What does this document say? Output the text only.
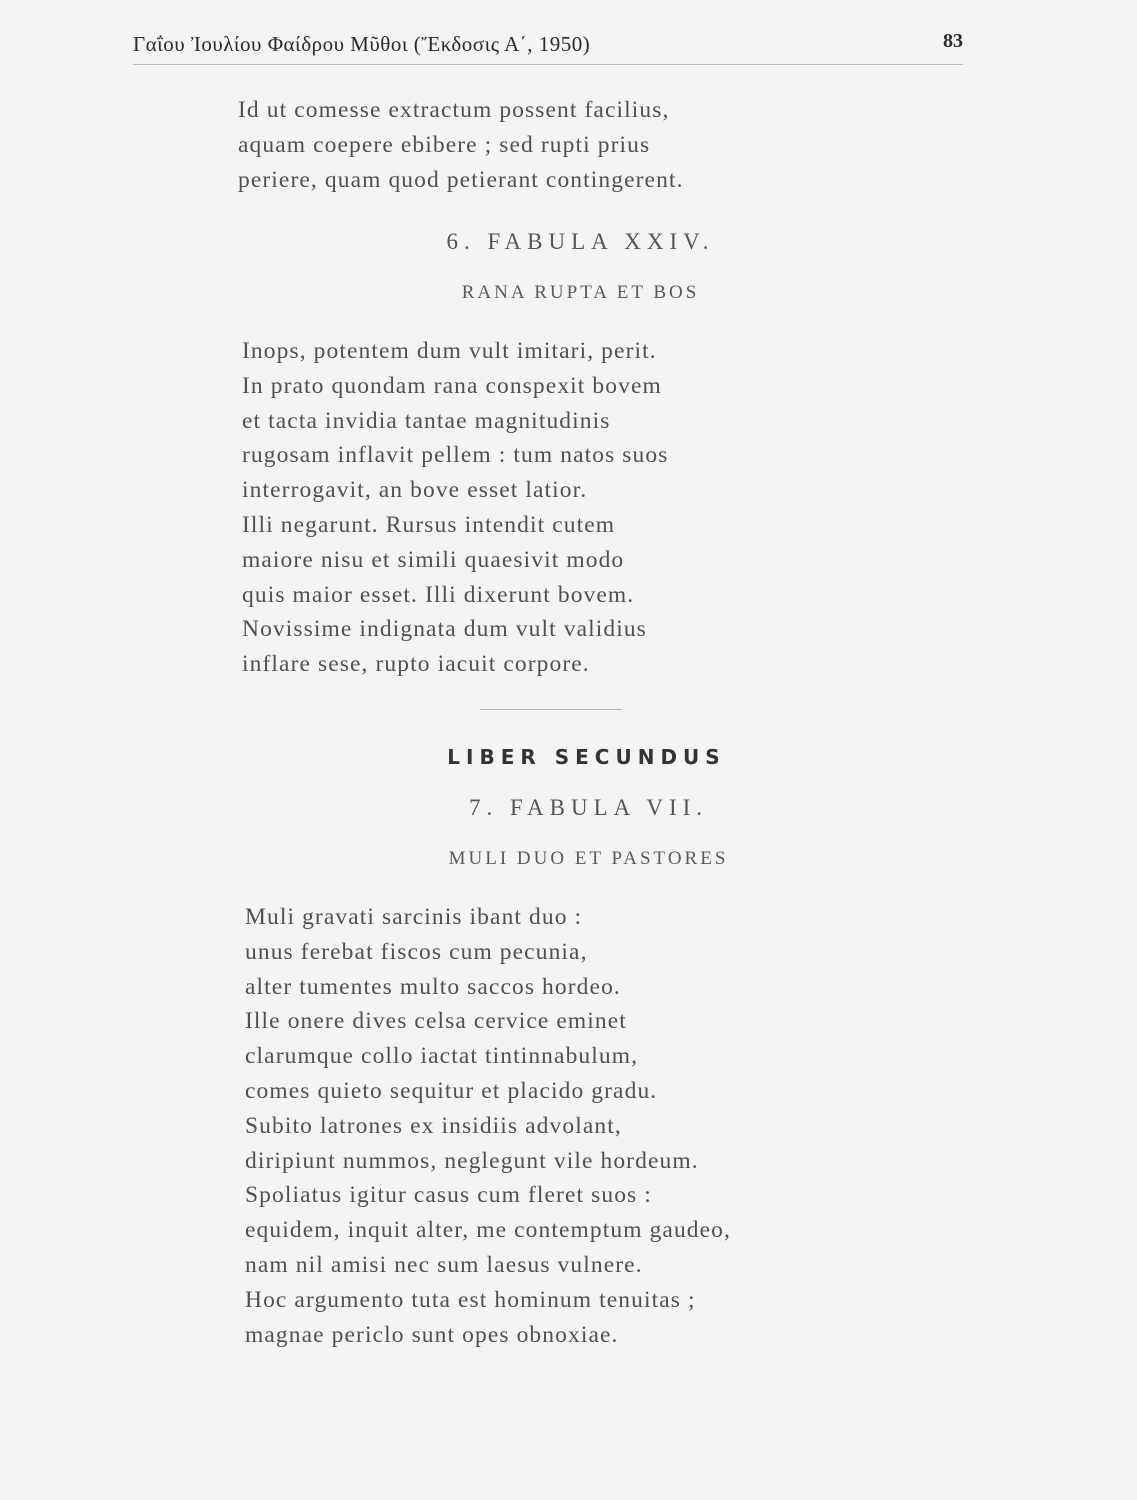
Γαΐου Ἰουλίου Φαίδρου Μῦθοι (Ἔκδοσις Α΄, 1950)	83

Id ut comesse extractum possent facilius,

aquam coepere ebibere ; sed rupti prius

periere, quam quod petierant contingerent.

6. FABULA XXIV.
RANA RUPTA ET BOS

Inops, potentem dum vult imitari, perit.

In prato quondam rana conspexit bovem

et tacta invidia tantae magnitudinis

rugosam inflavit pellem : tum natos suos

interrogavit, an bove esset latior.

Illi negarunt. Rursus intendit cutem

maiore nisu et simili quaesivit modo

quis maior esset. Illi dixerunt bovem.

Novissime indignata dum vult validius

inflare sese, rupto iacuit corpore.

LIBER SECUNDUS
7. FABULA VII.
MULI DUO ET PASTORES

Muli gravati sarcinis ibant duo :

unus ferebat fiscos cum pecunia,

alter tumentes multo saccos hordeo.

Ille onere dives celsa cervice eminet

clarumque collo iactat tintinnabulum,

comes quieto sequitur et placido gradu.

Subito latrones ex insidiis advolant,

diripiunt nummos, neglegunt vile hordeum.

Spoliatus igitur casus cum fleret suos :

equidem, inquit alter, me contemptum gaudeo,

nam nil amisi nec sum laesus vulnere.

Hoc argumento tuta est hominum tenuitas ;

magnae periclo sunt opes obnoxiae.
